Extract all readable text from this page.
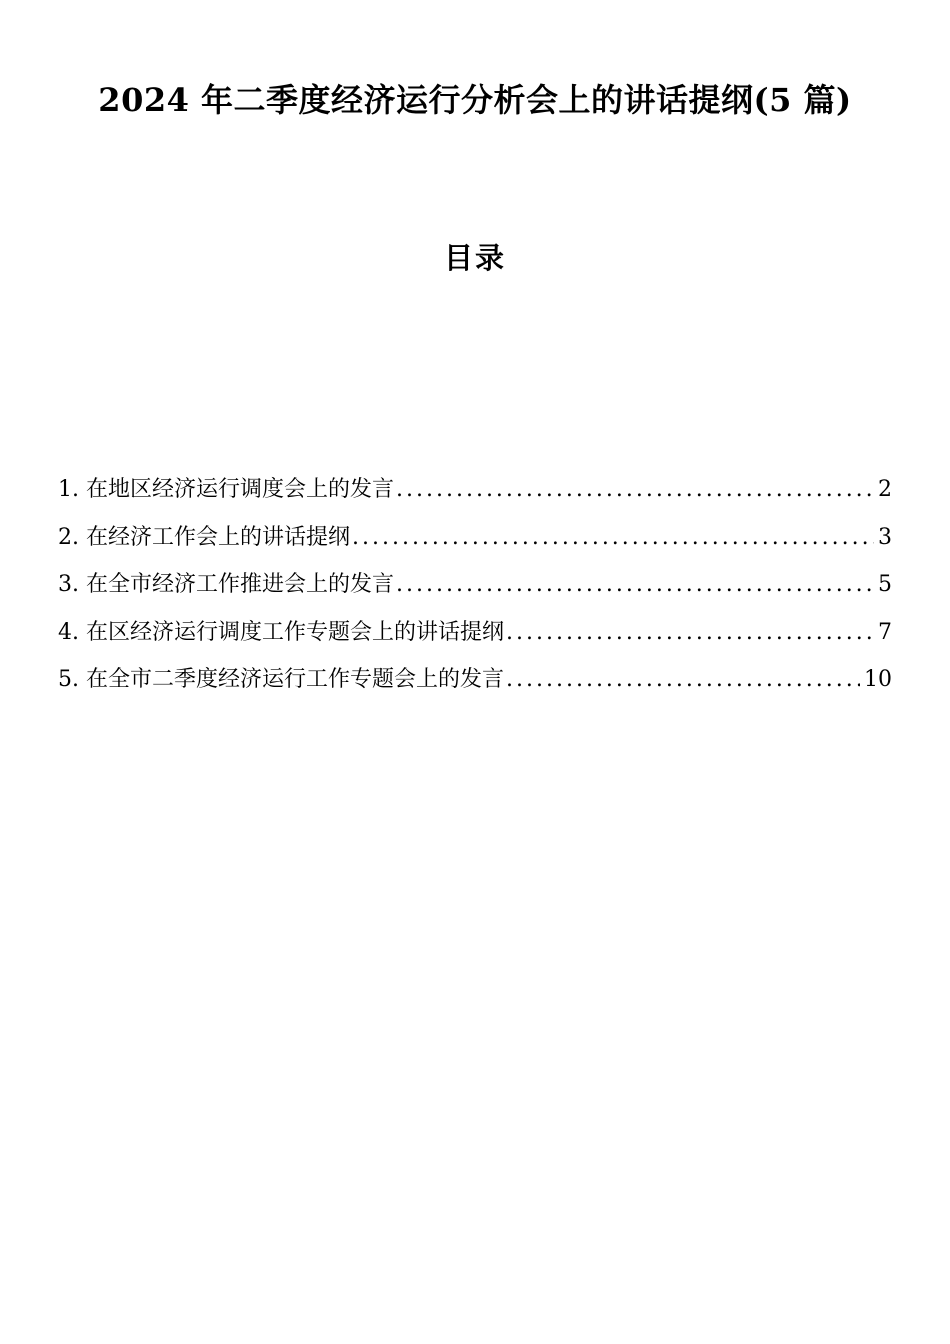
2024 年二季度经济运行分析会上的讲话提纲(5 篇)
目录
1. 在地区经济运行调度会上的发言 .....	2
2. 在经济工作会上的讲话提纲 .....	3
3. 在全市经济工作推进会上的发言 .....	5
4. 在区经济运行调度工作专题会上的讲话提纲 .....	7
5. 在全市二季度经济运行工作专题会上的发言 .....	10
